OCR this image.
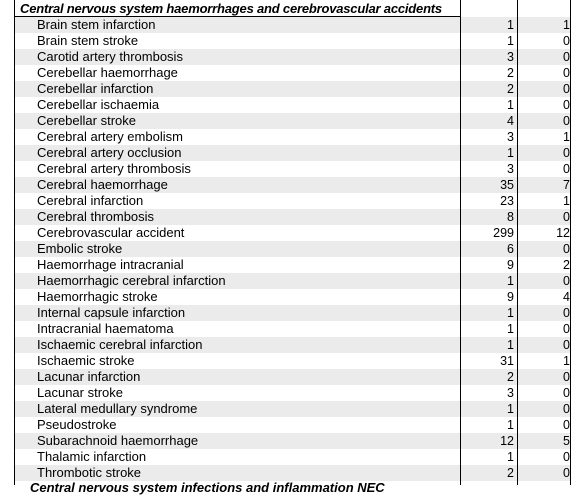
Central nervous system haemorrhages and cerebrovascular accidents
Brain stem infarction	1	1
Brain stem stroke	1	0
Carotid artery thrombosis	3	0
Cerebellar haemorrhage	2	0
Cerebellar infarction	2	0
Cerebellar ischaemia	1	0
Cerebellar stroke	4	0
Cerebral artery embolism	3	1
Cerebral artery occlusion	1	0
Cerebral artery thrombosis	3	0
Cerebral haemorrhage	35	7
Cerebral infarction	23	1
Cerebral thrombosis	8	0
Cerebrovascular accident	299	12
Embolic stroke	6	0
Haemorrhage intracranial	9	2
Haemorrhagic cerebral infarction	1	0
Haemorrhagic stroke	9	4
Internal capsule infarction	1	0
Intracranial haematoma	1	0
Ischaemic cerebral infarction	1	0
Ischaemic stroke	31	1
Lacunar infarction	2	0
Lacunar stroke	3	0
Lateral medullary syndrome	1	0
Pseudostroke	1	0
Subarachnoid haemorrhage	12	5
Thalamic infarction	1	0
Thrombotic stroke	2	0
Central nervous system infections and inflammation NEC
